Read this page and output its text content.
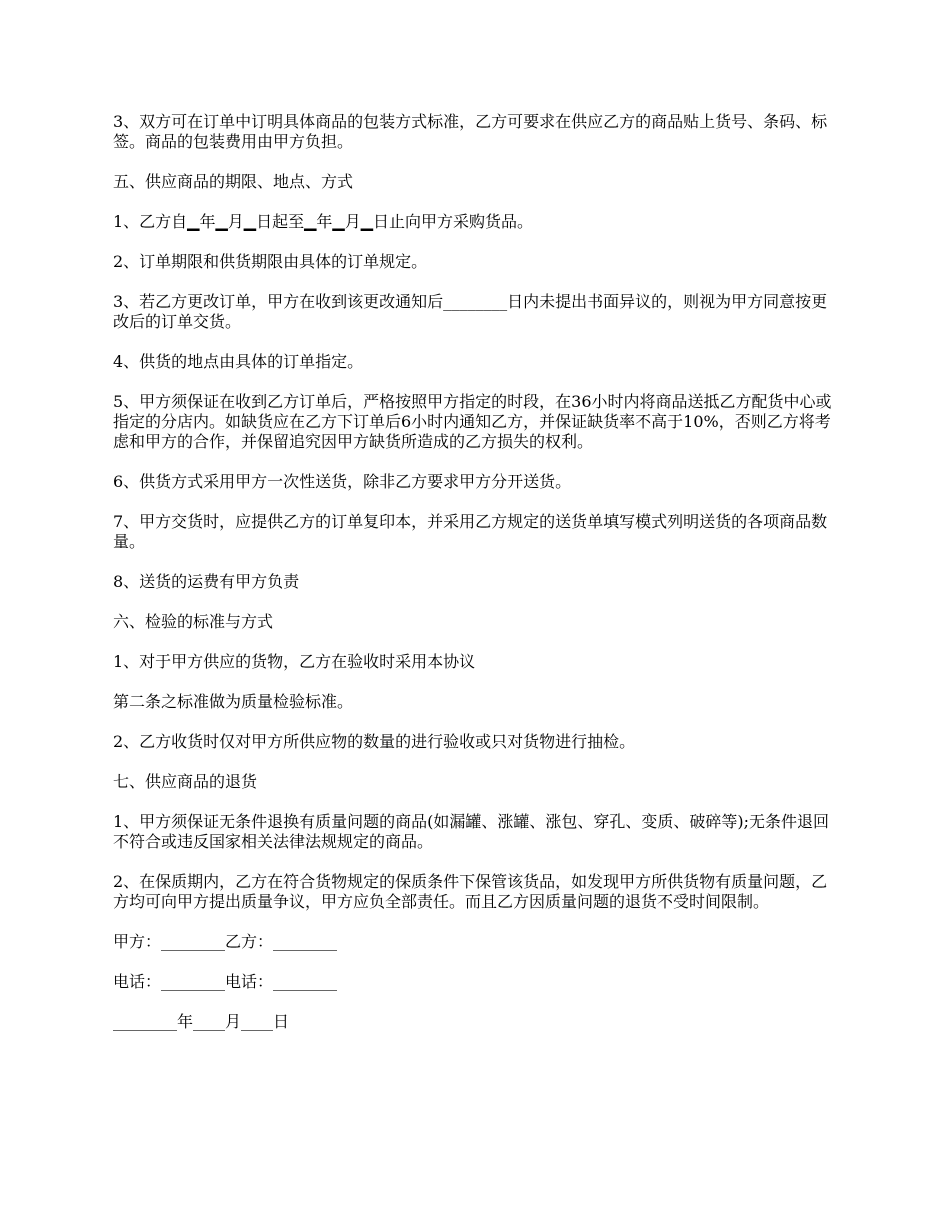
3、双方可在订单中订明具体商品的包装方式标准，乙方可要求在供应乙方的商品贴上货号、条码、标签。商品的包装费用由甲方负担。

五、供应商品的期限、地点、方式

1、乙方自▁年▁月▁日起至▁年▁月▁日止向甲方采购货品。

2、订单期限和供货期限由具体的订单规定。

3、若乙方更改订单，甲方在收到该更改通知后________日内未提出书面异议的，则视为甲方同意按更改后的订单交货。

4、供货的地点由具体的订单指定。

5、甲方须保证在收到乙方订单后，严格按照甲方指定的时段，在36小时内将商品送抵乙方配货中心或指定的分店内。如缺货应在乙方下订单后6小时内通知乙方，并保证缺货率不高于10%，否则乙方将考虑和甲方的合作，并保留追究因甲方缺货所造成的乙方损失的权利。

6、供货方式采用甲方一次性送货，除非乙方要求甲方分开送货。

7、甲方交货时，应提供乙方的订单复印本，并采用乙方规定的送货单填写模式列明送货的各项商品数量。

8、送货的运费有甲方负责

六、检验的标准与方式

1、对于甲方供应的货物，乙方在验收时采用本协议

第二条之标准做为质量检验标准。

2、乙方收货时仅对甲方所供应物的数量的进行验收或只对货物进行抽检。

七、供应商品的退货

1、甲方须保证无条件退换有质量问题的商品(如漏罐、涨罐、涨包、穿孔、变质、破碎等);无条件退回不符合或违反国家相关法律法规规定的商品。

2、在保质期内，乙方在符合货物规定的保质条件下保管该货品，如发现甲方所供货物有质量问题，乙方均可向甲方提出质量争议，甲方应负全部责任。而且乙方因质量问题的退货不受时间限制。

甲方：________乙方：________

电话：________电话：________

________年____月____日
